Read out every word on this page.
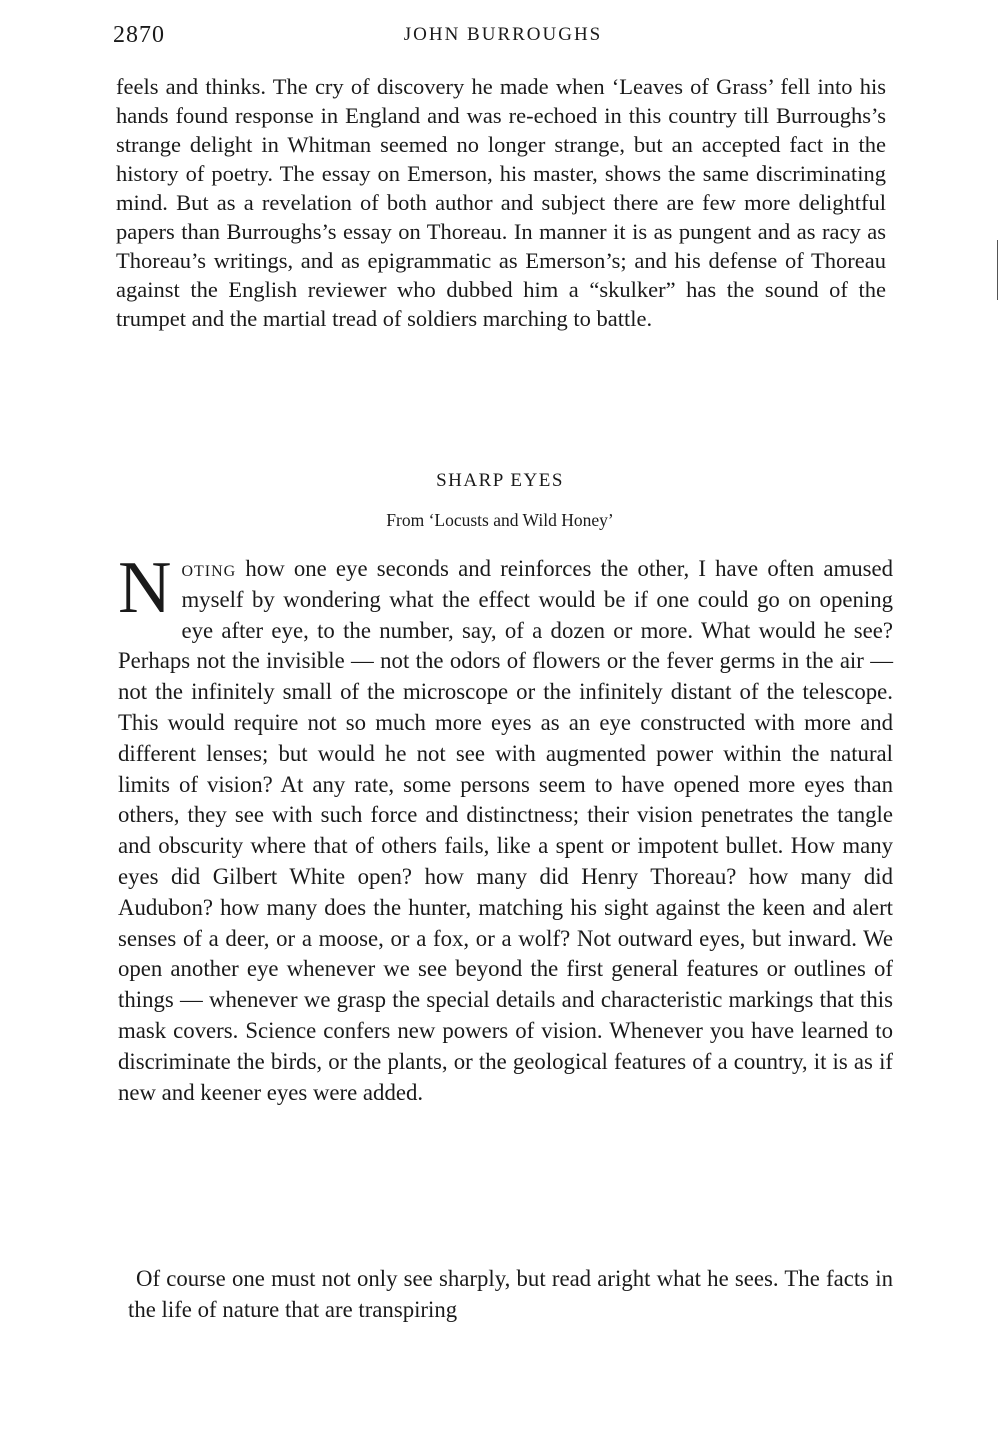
2870	JOHN BURROUGHS

feels and thinks. The cry of discovery he made when ‘Leaves of Grass’ fell into his hands found response in England and was re-echoed in this country till Burroughs’s strange delight in Whitman seemed no longer strange, but an accepted fact in the history of poetry. The essay on Emerson, his master, shows the same discriminating mind. But as a revelation of both author and subject there are few more delightful papers than Burroughs’s essay on Thoreau. In manner it is as pungent and as racy as Thoreau’s writings, and as epigrammatic as Emerson’s; and his defense of Thoreau against the English reviewer who dubbed him a “skulker” has the sound of the trumpet and the martial tread of soldiers marching to battle.

SHARP EYES
From ‘Locusts and Wild Honey’

Noting how one eye seconds and reinforces the other, I have often amused myself by wondering what the effect would be if one could go on opening eye after eye, to the number, say, of a dozen or more. What would he see? Perhaps not the invisible — not the odors of flowers or the fever germs in the air — not the infinitely small of the microscope or the infinitely distant of the telescope. This would require not so much more eyes as an eye constructed with more and different lenses; but would he not see with augmented power within the natural limits of vision? At any rate, some persons seem to have opened more eyes than others, they see with such force and distinctness; their vision penetrates the tangle and obscurity where that of others fails, like a spent or impotent bullet. How many eyes did Gilbert White open? how many did Henry Thoreau? how many did Audubon? how many does the hunter, matching his sight against the keen and alert senses of a deer, or a moose, or a fox, or a wolf? Not outward eyes, but inward. We open another eye whenever we see beyond the first general features or outlines of things — whenever we grasp the special details and characteristic markings that this mask covers. Science confers new powers of vision. Whenever you have learned to discriminate the birds, or the plants, or the geological features of a country, it is as if new and keener eyes were added.

Of course one must not only see sharply, but read aright what he sees. The facts in the life of nature that are transpiring
